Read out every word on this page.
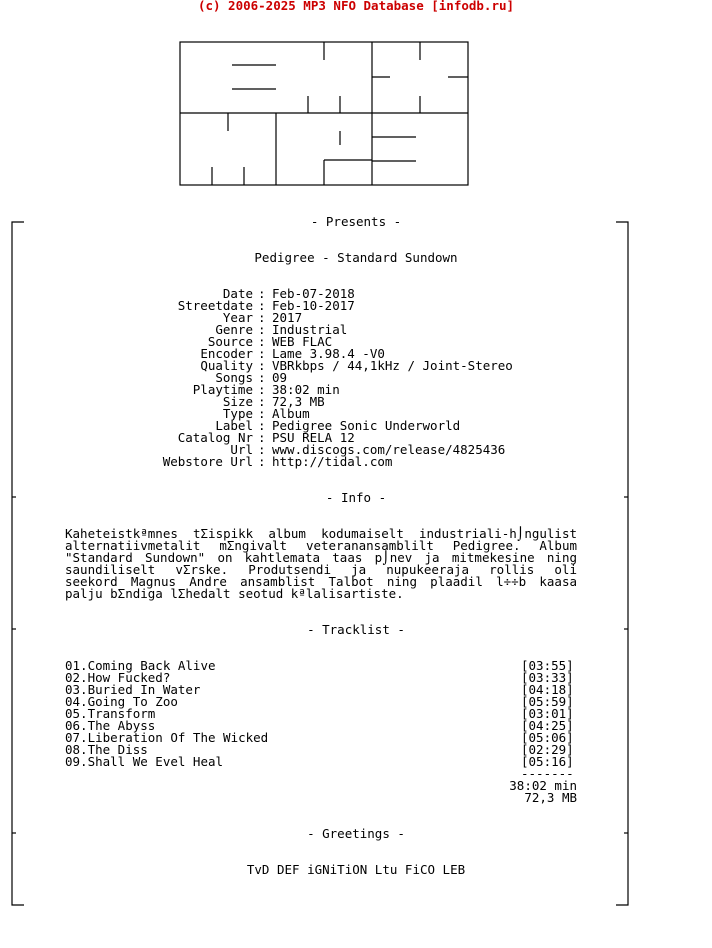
(c) 2006-2025 MP3 NFO Database [infodb.ru]
- Presents -
Pedigree - Standard Sundown
Date : Feb-07-2018
Streetdate : Feb-10-2017
Year : 2017
Genre : Industrial
Source : WEB FLAC
Encoder : Lame 3.98.4 -V0
Quality : VBRkbps / 44,1kHz / Joint-Stereo
Songs : 09
Playtime : 38:02 min
Size : 72,3 MB
Type : Album
Label : Pedigree Sonic Underworld
Catalog Nr : PSU RELA 12
Url : www.discogs.com/release/4825436
Webstore Url : http://tidal.com
- Info -
Kaheteistkªmnes tΣispikk album kodumaiselt industriali-h⌡ngulist
alternatiivmetalit mΣngivalt veteranansamblilt Pedigree. Album
"Standard Sundown" on kahtlemata taas p⌡nev ja mitmekesine ning
saundiliselt vΣrske. Produtsendi ja nupukeeraja rollis oli
seekord Magnus Andre ansamblist Talbot ning plaadil l÷÷b kaasa
palju bΣndiga lΣhedalt seotud kªlalisartiste.
- Tracklist -
01.Coming Back Alive	[03:55]
02.How Fucked?	[03:33]
03.Buried In Water	[04:18]
04.Going To Zoo	[05:59]
05.Transform	[03:01]
06.The Abyss	[04:25]
07.Liberation Of The Wicked	[05:06]
08.The Diss	[02:29]
09.Shall We Evel Heal	[05:16]
-------
38:02 min
72,3 MB
- Greetings -
TvD DEF iGNiTiON Ltu FiCO LEB
